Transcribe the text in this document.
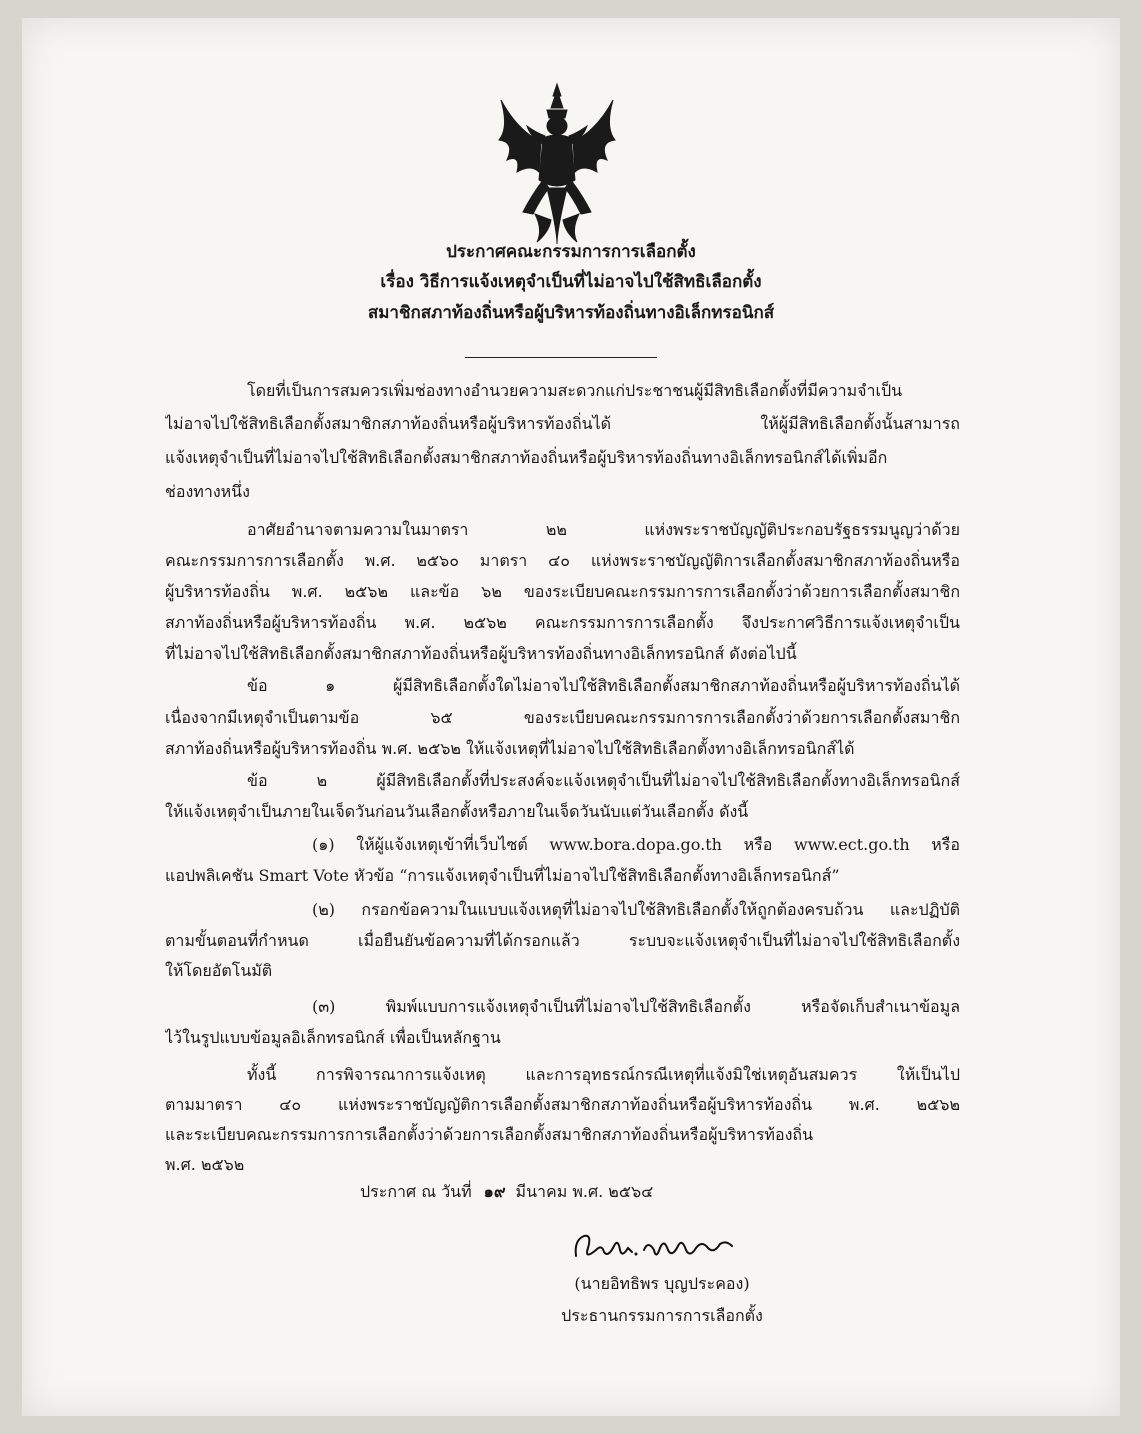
ประกาศคณะกรรมการการเลือกตั้ง
เรื่อง วิธีการแจ้งเหตุจำเป็นที่ไม่อาจไปใช้สิทธิเลือกตั้ง
สมาชิกสภาท้องถิ่นหรือผู้บริหารท้องถิ่นทางอิเล็กทรอนิกส์
โดยที่เป็นการสมควรเพิ่มช่องทางอำนวยความสะดวกแก่ประชาชนผู้มีสิทธิเลือกตั้งที่มีความจำเป็น
ไม่อาจไปใช้สิทธิเลือกตั้งสมาชิกสภาท้องถิ่นหรือผู้บริหารท้องถิ่นได้ ให้ผู้มีสิทธิเลือกตั้งนั้นสามารถ
แจ้งเหตุจำเป็นที่ไม่อาจไปใช้สิทธิเลือกตั้งสมาชิกสภาท้องถิ่นหรือผู้บริหารท้องถิ่นทางอิเล็กทรอนิกส์ได้เพิ่มอีก
ช่องทางหนึ่ง
อาศัยอำนาจตามความในมาตรา ๒๒ แห่งพระราชบัญญัติประกอบรัฐธรรมนูญว่าด้วย
คณะกรรมการการเลือกตั้ง พ.ศ. ๒๕๖๐ มาตรา ๔๐ แห่งพระราชบัญญัติการเลือกตั้งสมาชิกสภาท้องถิ่นหรือ
ผู้บริหารท้องถิ่น พ.ศ. ๒๕๖๒ และข้อ ๖๒ ของระเบียบคณะกรรมการการเลือกตั้งว่าด้วยการเลือกตั้งสมาชิก
สภาท้องถิ่นหรือผู้บริหารท้องถิ่น พ.ศ. ๒๕๖๒ คณะกรรมการการเลือกตั้ง จึงประกาศวิธีการแจ้งเหตุจำเป็น
ที่ไม่อาจไปใช้สิทธิเลือกตั้งสมาชิกสภาท้องถิ่นหรือผู้บริหารท้องถิ่นทางอิเล็กทรอนิกส์ ดังต่อไปนี้
ข้อ ๑ ผู้มีสิทธิเลือกตั้งใดไม่อาจไปใช้สิทธิเลือกตั้งสมาชิกสภาท้องถิ่นหรือผู้บริหารท้องถิ่นได้
เนื่องจากมีเหตุจำเป็นตามข้อ ๖๕ ของระเบียบคณะกรรมการการเลือกตั้งว่าด้วยการเลือกตั้งสมาชิก
สภาท้องถิ่นหรือผู้บริหารท้องถิ่น พ.ศ. ๒๕๖๒ ให้แจ้งเหตุที่ไม่อาจไปใช้สิทธิเลือกตั้งทางอิเล็กทรอนิกส์ได้
ข้อ ๒ ผู้มีสิทธิเลือกตั้งที่ประสงค์จะแจ้งเหตุจำเป็นที่ไม่อาจไปใช้สิทธิเลือกตั้งทางอิเล็กทรอนิกส์
ให้แจ้งเหตุจำเป็นภายในเจ็ดวันก่อนวันเลือกตั้งหรือภายในเจ็ดวันนับแต่วันเลือกตั้ง ดังนี้
(๑) ให้ผู้แจ้งเหตุเข้าที่เว็บไซต์ www.bora.dopa.go.th หรือ www.ect.go.th หรือ
แอปพลิเคชัน Smart Vote หัวข้อ “การแจ้งเหตุจำเป็นที่ไม่อาจไปใช้สิทธิเลือกตั้งทางอิเล็กทรอนิกส์”
(๒) กรอกข้อความในแบบแจ้งเหตุที่ไม่อาจไปใช้สิทธิเลือกตั้งให้ถูกต้องครบถ้วน และปฏิบัติ
ตามขั้นตอนที่กำหนด เมื่อยืนยันข้อความที่ได้กรอกแล้ว ระบบจะแจ้งเหตุจำเป็นที่ไม่อาจไปใช้สิทธิเลือกตั้ง
ให้โดยอัตโนมัติ
(๓) พิมพ์แบบการแจ้งเหตุจำเป็นที่ไม่อาจไปใช้สิทธิเลือกตั้ง หรือจัดเก็บสำเนาข้อมูล
ไว้ในรูปแบบข้อมูลอิเล็กทรอนิกส์ เพื่อเป็นหลักฐาน
ทั้งนี้ การพิจารณาการแจ้งเหตุ และการอุทธรณ์กรณีเหตุที่แจ้งมิใช่เหตุอันสมควร ให้เป็นไป
ตามมาตรา ๔๐ แห่งพระราชบัญญัติการเลือกตั้งสมาชิกสภาท้องถิ่นหรือผู้บริหารท้องถิ่น พ.ศ. ๒๕๖๒
และระเบียบคณะกรรมการการเลือกตั้งว่าด้วยการเลือกตั้งสมาชิกสภาท้องถิ่นหรือผู้บริหารท้องถิ่น
พ.ศ. ๒๕๖๒
ประกาศ ณ วันที่ ๑๙ มีนาคม พ.ศ. ๒๕๖๔
(นายอิทธิพร บุญประคอง)
ประธานกรรมการการเลือกตั้ง
